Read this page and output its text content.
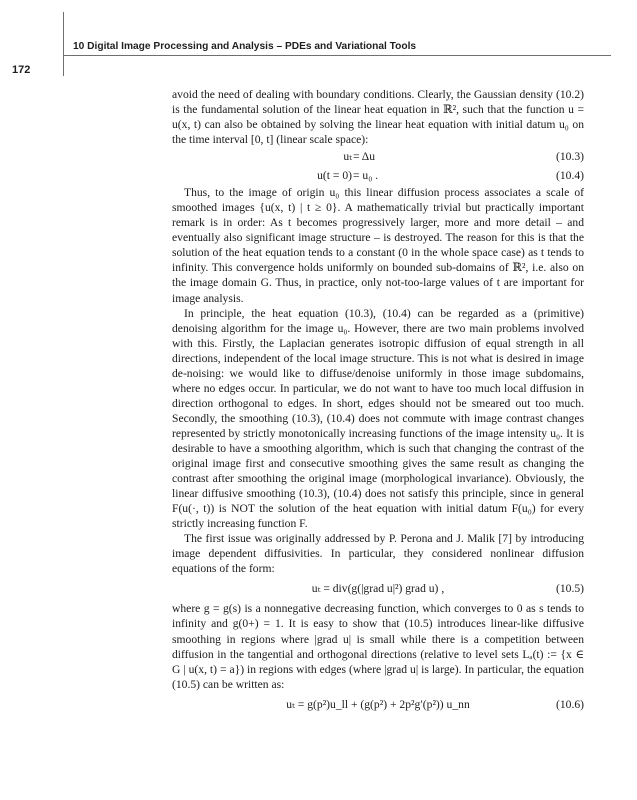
10 Digital Image Processing and Analysis – PDEs and Variational Tools
172

avoid the need of dealing with boundary conditions. Clearly, the Gaussian density (10.2) is the fundamental solution of the linear heat equation in ℝ², such that the function u = u(x, t) can also be obtained by solving the linear heat equation with initial datum u₀ on the time interval [0, t] (linear scale space):

uₜ = Δu	(10.3)
u(t = 0) = u₀ .	(10.4)

Thus, to the image of origin u₀ this linear diffusion process associates a scale of smoothed images {u(x, t) | t ≥ 0}. A mathematically trivial but practically important remark is in order: As t becomes progressively larger, more and more detail – and eventually also significant image structure – is destroyed. The reason for this is that the solution of the heat equation tends to a constant (0 in the whole space case) as t tends to infinity. This convergence holds uniformly on bounded sub-domains of ℝ², i.e. also on the image domain G. Thus, in practice, only not-too-large values of t are important for image analysis.

In principle, the heat equation (10.3), (10.4) can be regarded as a (primitive) denoising algorithm for the image u₀. However, there are two main problems involved with this. Firstly, the Laplacian generates isotropic diffusion of equal strength in all directions, independent of the local image structure. This is not what is desired in image de-noising: we would like to diffuse/denoise uniformly in those image subdomains, where no edges occur. In particular, we do not want to have too much local diffusion in direction orthogonal to edges. In short, edges should not be smeared out too much. Secondly, the smoothing (10.3), (10.4) does not commute with image contrast changes represented by strictly monotonically increasing functions of the image intensity u₀. It is desirable to have a smoothing algorithm, which is such that changing the contrast of the original image first and consecutive smoothing gives the same result as changing the contrast after smoothing the original image (morphological invariance). Obviously, the linear diffusive smoothing (10.3), (10.4) does not satisfy this principle, since in general F(u(·, t)) is NOT the solution of the heat equation with initial datum F(u₀) for every strictly increasing function F.

The first issue was originally addressed by P. Perona and J. Malik [7] by introducing image dependent diffusivities. In particular, they considered nonlinear diffusion equations of the form:

uₜ = div(g(|grad u|²) grad u) ,	(10.5)

where g = g(s) is a nonnegative decreasing function, which converges to 0 as s tends to infinity and g(0+) = 1. It is easy to show that (10.5) introduces linear-like diffusive smoothing in regions where |grad u| is small while there is a competition between diffusion in the tangential and orthogonal directions (relative to level sets Lₐ(t) := {x ∈ G | u(x, t) = a}) in regions with edges (where |grad u| is large). In particular, the equation (10.5) can be written as:

uₜ = g(p²)u_ll + (g(p²) + 2p²g′(p²)) u_nn	(10.6)
